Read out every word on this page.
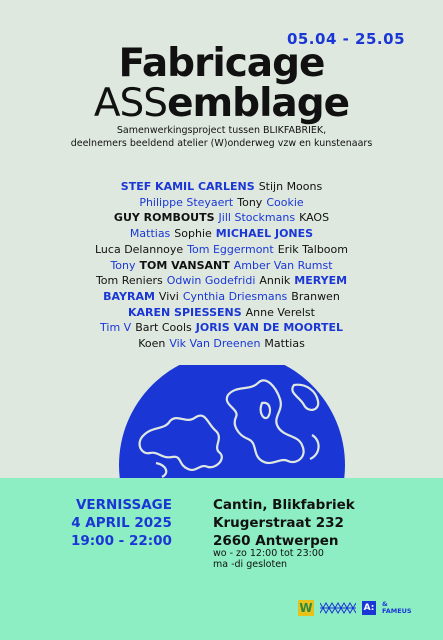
05.04 - 25.05
Fabricage
ASSemblage
Samenwerkingsproject tussen BLIKFABRIEK,
deelnemers beeldend atelier (W)onderweg vzw en kunstenaars
STEF KAMIL CARLENS Stijn Moons
Philippe Steyaert Tony Cookie
GUY ROMBOUTS Jill Stockmans KAOS
Mattias Sophie MICHAEL JONES
Luca Delannoye Tom Eggermont Erik Talboom
Tony TOM VANSANT Amber Van Rumst
Tom Reniers Odwin Godefridi Annik MERYEM
BAYRAM Vivi Cynthia Driesmans Branwen
KAREN SPIESSENS Anne Verelst
Tim V Bart Cools JORIS VAN DE MOORTEL
Koen Vik Van Dreenen Mattias
VERNISSAGE
4 APRIL 2025
19:00 - 22:00
Cantin, Blikfabriek
Krugerstraat 232
2660 Antwerpen
wo - zo 12:00 tot 23:00
ma -di gesloten
W	A: &
FAMEUS
